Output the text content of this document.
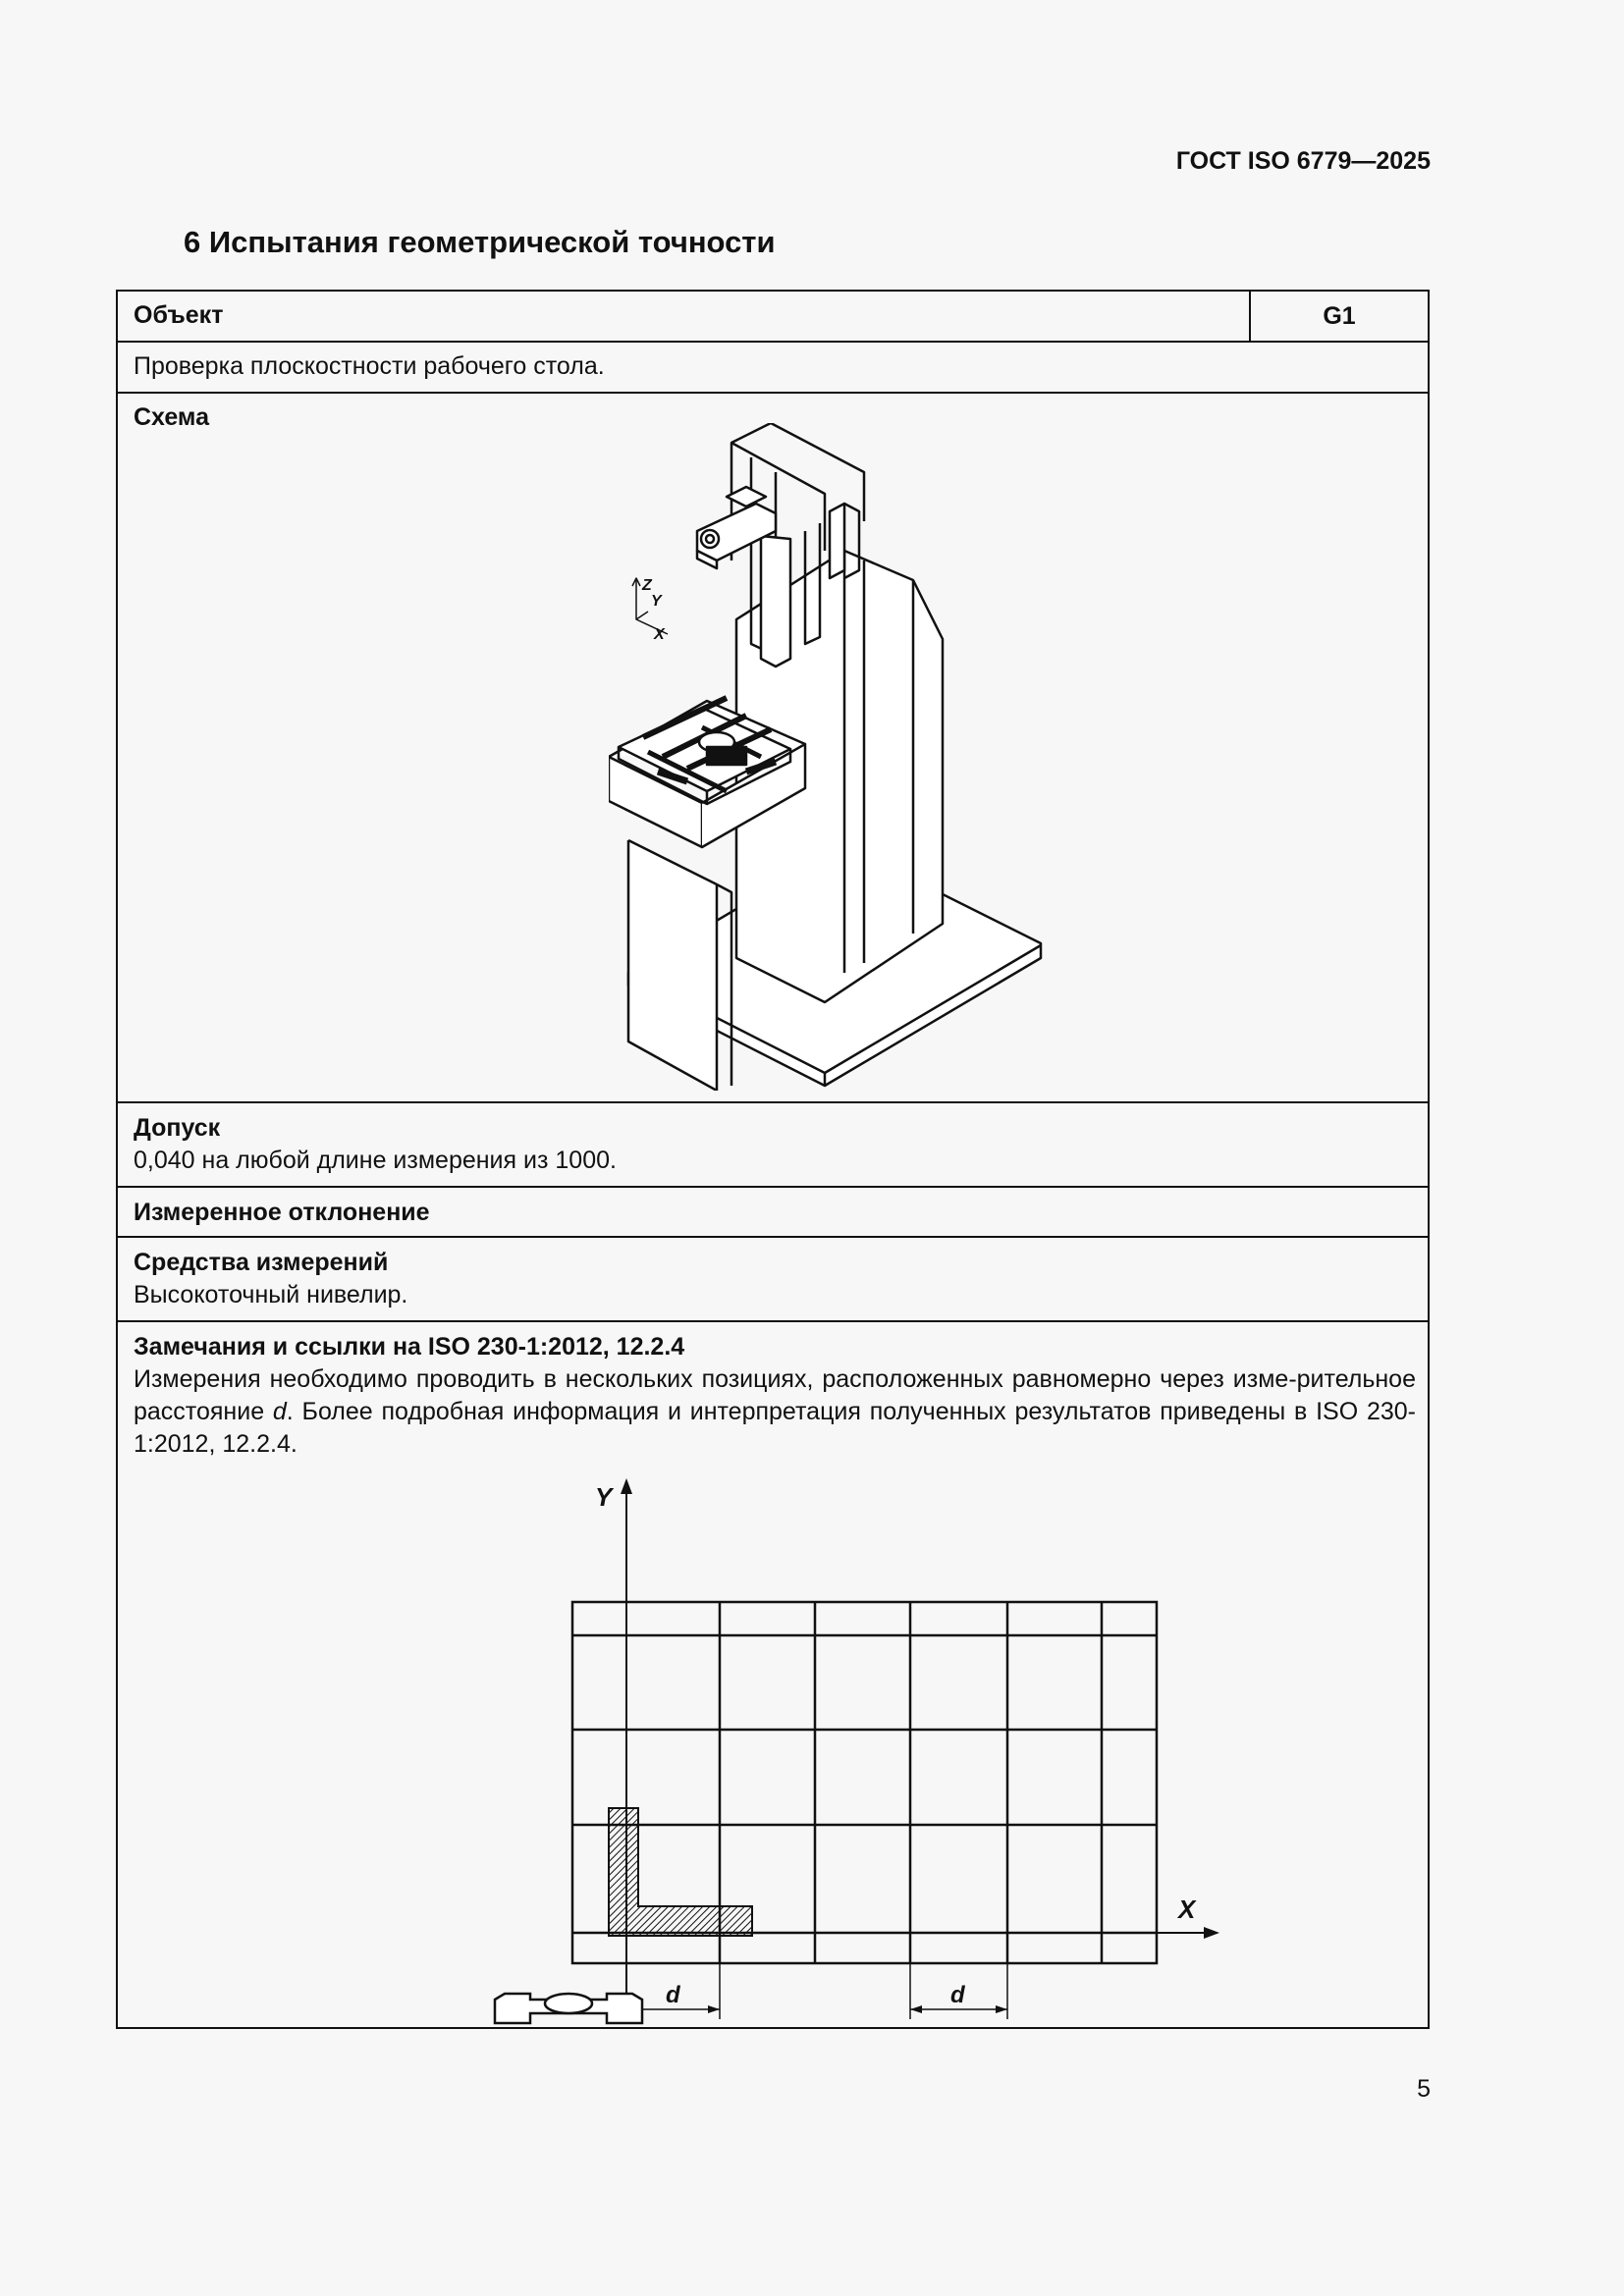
ГОСТ ISO 6779—2025
6 Испытания геометрической точности
Объект	G1
Проверка плоскостности рабочего стола.
Схема
Z
Y
X
Допуск
0,040 на любой длине измерения из 1000.
Измеренное отклонение
Средства измерений
Высокоточный нивелир.
Замечания и ссылки на ISO 230-1:2012, 12.2.4
Измерения необходимо проводить в нескольких позициях, расположенных равномерно через изме-рительное расстояние d. Более подробная информация и интерпретация полученных результатов приведены в ISO 230-1:2012, 12.2.4.
Y
X
d	d
5
